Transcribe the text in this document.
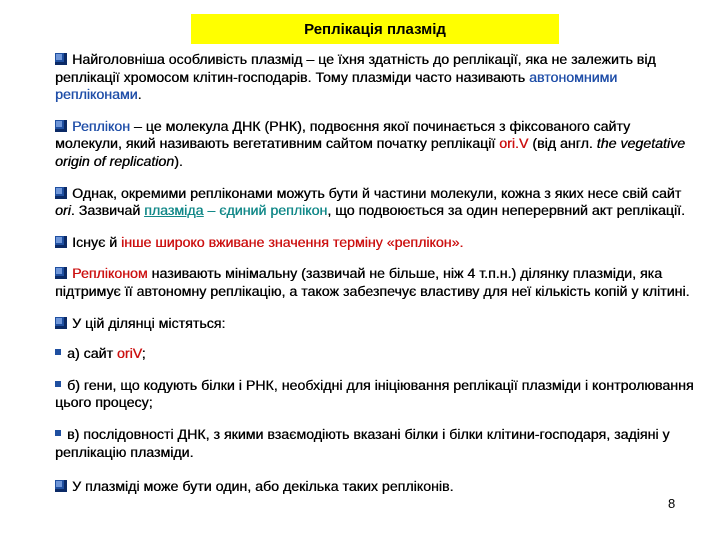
Реплікація плазмід

Найголовніша особливість плазмід – це їхня здатність до реплікації, яка не залежить від реплікації хромосом клітин-господарів. Тому плазміди часто називають автономними репліконами.

Реплікон – це молекула ДНК (РНК), подвоєння якої починається з фіксованого сайту молекули, який називають вегетативним сайтом початку реплікації ori.V (від англ. the vegetative origin of replication).

Однак, окремими репліконами можуть бути й частини молекули, кожна з яких несе свій сайт ori. Зазвичай плазміда – єдиний реплікон, що подвоюється за один неперервний акт реплікації.

Існує й інше широко вживане значення терміну «реплікон».

Репліконом називають мінімальну (зазвичай не більше, ніж 4 т.п.н.) ділянку плазміди, яка підтримує її автономну реплікацію, а також забезпечує властиву для неї кількість копій у клітині.

У цій ділянці містяться:

а) сайт oriV;

б) гени, що кодують білки і РНК, необхідні для ініціювання реплікації плазміди і контролювання цього процесу;

в) послідовності ДНК, з якими взаємодіють вказані білки і білки клітини-господаря, задіяні у реплікацію плазміди.

У плазміді може бути один, або декілька таких репліконів.

8
